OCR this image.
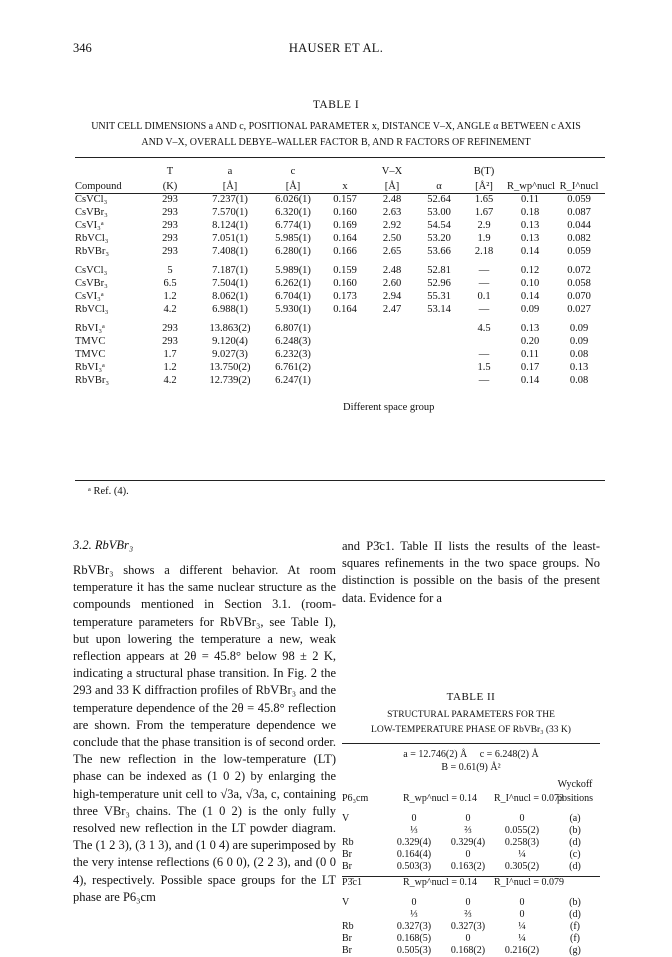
346	HAUSER ET AL.
TABLE I
UNIT CELL DIMENSIONS a AND c, POSITIONAL PARAMETER x, DISTANCE V–X, ANGLE α BETWEEN c AXIS
AND V–X, OVERALL DEBYE–WALLER FACTOR B, AND R FACTORS OF REFINEMENT
	T	a	c		V–X		B(T)		
Compound	(K)	[Å]	[Å]	x	[Å]	α	[Å²]	R_wp^nucl	R_I^nucl
CsVCl₃	293	7.237(1)	6.026(1)	0.157	2.48	52.64	1.65	0.11	0.059
CsVBr₃	293	7.570(1)	6.320(1)	0.160	2.63	53.00	1.67	0.18	0.087
CsVI₃ᵃ	293	8.124(1)	6.774(1)	0.169	2.92	54.54	2.9	0.13	0.044
RbVCl₃	293	7.051(1)	5.985(1)	0.164	2.50	53.20	1.9	0.13	0.082
RbVBr₃	293	7.408(1)	6.280(1)	0.166	2.65	53.66	2.18	0.14	0.059
CsVCl₃	5	7.187(1)	5.989(1)	0.159	2.48	52.81	—	0.12	0.072
CsVBr₃	6.5	7.504(1)	6.262(1)	0.160	2.60	52.96	—	0.10	0.058
CsVI₃ᵃ	1.2	8.062(1)	6.704(1)	0.173	2.94	55.31	0.1	0.14	0.070
RbVCl₃	4.2	6.988(1)	5.930(1)	0.164	2.47	53.14	—	0.09	0.027
RbVI₃ᵃ	293	13.863(2)	6.807(1)				4.5	0.13	0.09
TMVC	293	9.120(4)	6.248(3)					0.20	0.09
TMVC	1.7	9.027(3)	6.232(3)				—	0.11	0.08
RbVI₃ᵃ	1.2	13.750(2)	6.761(2)				1.5	0.17	0.13
RbVBr₃	4.2	12.739(2)	6.247(1)				—	0.14	0.08
Different space group
ᵃ Ref. (4).
3.2. RbVBr₃
RbVBr₃ shows a different behavior. At room temperature it has the same nuclear structure as the compounds mentioned in Section 3.1. (room-temperature parameters for RbVBr₃, see Table I), but upon lowering the temperature a new, weak reflection appears at 2θ = 45.8° below 98 ± 2 K, indicating a structural phase transition. In Fig. 2 the 293 and 33 K diffraction profiles of RbVBr₃ and the temperature dependence of the 2θ = 45.8° reflection are shown. From the temperature dependence we conclude that the phase transition is of second order. The new reflection in the low-temperature (LT) phase can be indexed as (1 0 2) by enlarging the high-temperature unit cell to √3a, √3a, c, containing three VBr₃ chains. The (1 0 2) is the only fully resolved new reflection in the LT powder diagram. The (1 2 3), (3 1 3), and (1 0 4) are superimposed by the very intense reflections (6 0 0), (2 2 3), and (0 0 4), respectively. Possible space groups for the LT phase are P6₃cm
and P3̄c1. Table II lists the results of the least-squares refinements in the two space groups. No distinction is possible on the basis of the present data. Evidence for a
TABLE II
STRUCTURAL PARAMETERS FOR THE
LOW-TEMPERATURE PHASE OF RbVBr₃ (33 K)
a = 12.746(2) Å     c = 6.248(2) Å
B = 0.61(9) Å²
				Wyckoff
P6₃cm	R_wp^nucl = 0.14		R_I^nucl = 0.073	positions

V	0	0	0	(a)
	⅓	⅔	0.055(2)	(b)
Rb	0.329(4)	0.329(4)	0.258(3)	(d)
Br	0.164(4)	0	¼	(c)
Br	0.503(3)	0.163(2)	0.305(2)	(d)

P3̄c1	R_wp^nucl = 0.14		R_I^nucl = 0.079	

V	0	0	0	(b)
	⅓	⅔	0	(d)
Rb	0.327(3)	0.327(3)	¼	(f)
Br	0.168(5)	0	¼	(f)
Br	0.505(3)	0.168(2)	0.216(2)	(g)
